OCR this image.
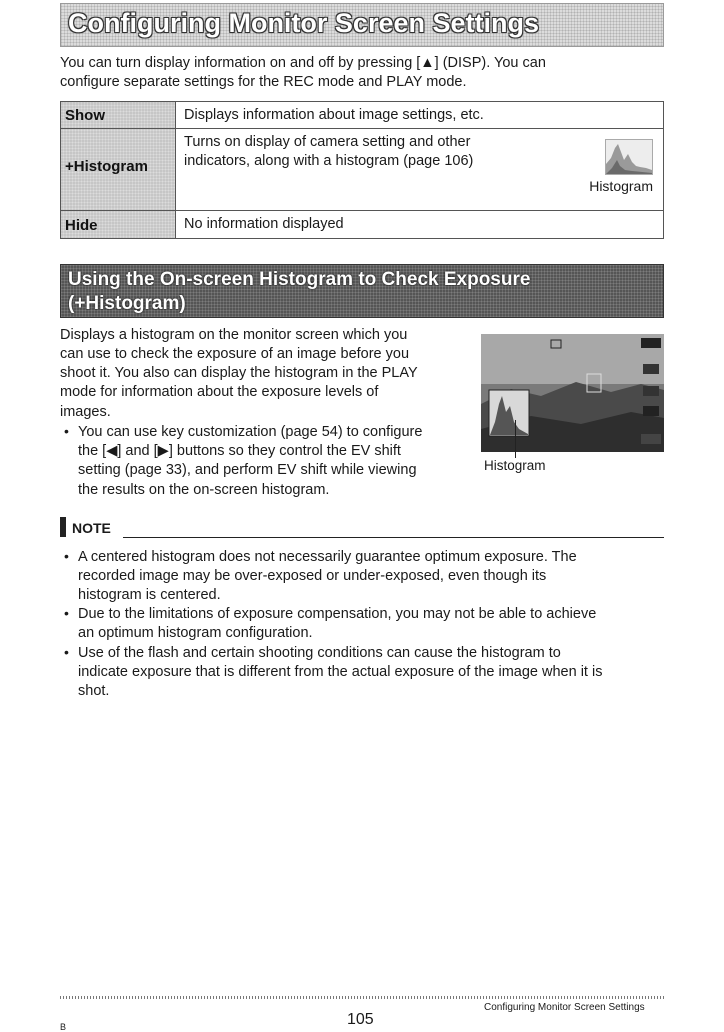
Configuring Monitor Screen Settings
You can turn display information on and off by pressing [▲] (DISP). You can
configure separate settings for the REC mode and PLAY mode.
Show	Displays information about image settings, etc.

+Histogram	Turns on display of camera setting and other
indicators, along with a histogram (page 106)
Histogram

Hide	No information displayed
Using the On-screen Histogram to Check Exposure
(+Histogram)
Displays a histogram on the monitor screen which you
can use to check the exposure of an image before you
shoot it. You also can display the histogram in the PLAY
mode for information about the exposure levels of
images.
• You can use key customization (page 54) to configure
the [◀] and [▶] buttons so they control the EV shift
setting (page 33), and perform EV shift while viewing
the results on the on-screen histogram.
Histogram
NOTE
• A centered histogram does not necessarily guarantee optimum exposure. The
recorded image may be over-exposed or under-exposed, even though its
histogram is centered.
• Due to the limitations of exposure compensation, you may not be able to achieve
an optimum histogram configuration.
• Use of the flash and certain shooting conditions can cause the histogram to
indicate exposure that is different from the actual exposure of the image when it is
shot.
B	105
Configuring Monitor Screen Settings
